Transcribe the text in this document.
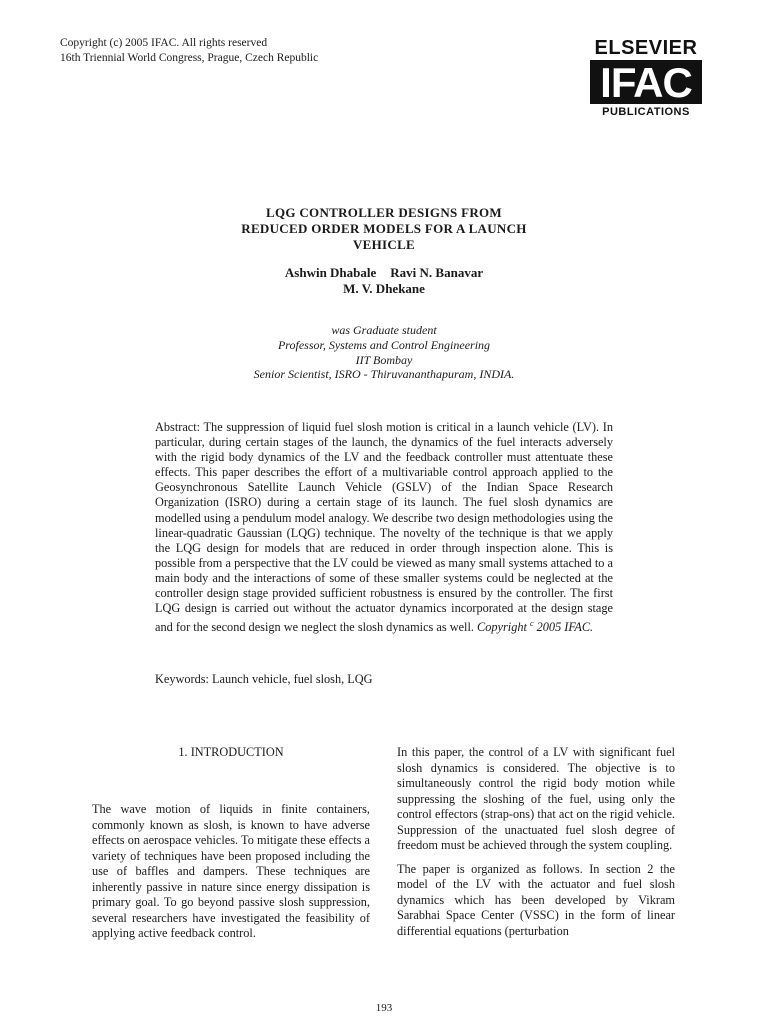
Copyright (c) 2005 IFAC. All rights reserved
16th Triennial World Congress, Prague, Czech Republic	ELSEVIER
IFAC
PUBLICATIONS
LQG CONTROLLER DESIGNS FROM
REDUCED ORDER MODELS FOR A LAUNCH
VEHICLE
Ashwin Dhabale Ravi N. Banavar
M. V. Dhekane
was Graduate student
Professor, Systems and Control Engineering
IIT Bombay
Senior Scientist, ISRO - Thiruvananthapuram, INDIA.
Abstract: The suppression of liquid fuel slosh motion is critical in a launch vehicle (LV). In particular, during certain stages of the launch, the dynamics of the fuel interacts adversely with the rigid body dynamics of the LV and the feedback controller must attentuate these effects. This paper describes the effort of a multivariable control approach applied to the Geosynchronous Satellite Launch Vehicle (GSLV) of the Indian Space Research Organization (ISRO) during a certain stage of its launch. The fuel slosh dynamics are modelled using a pendulum model analogy. We describe two design methodologies using the linear-quadratic Gaussian (LQG) technique. The novelty of the technique is that we apply the LQG design for models that are reduced in order through inspection alone. This is possible from a perspective that the LV could be viewed as many small systems attached to a main body and the interactions of some of these smaller systems could be neglected at the controller design stage provided sufficient robustness is ensured by the controller. The first LQG design is carried out without the actuator dynamics incorporated at the design stage and for the second design we neglect the slosh dynamics as well. Copyright $^c$ 2005 IFAC.
Keywords: Launch vehicle, fuel slosh, LQG
1. INTRODUCTION

The wave motion of liquids in finite containers, commonly known as slosh, is known to have adverse effects on aerospace vehicles. To mitigate these effects a variety of techniques have been proposed including the use of baffles and dampers. These techniques are inherently passive in nature since energy dissipation is primary goal. To go beyond passive slosh suppression, several researchers have investigated the feasibility of applying active feedback control.

In this paper, the control of a LV with significant fuel slosh dynamics is considered. The objective is to simultaneously control the rigid body motion while suppressing the sloshing of the fuel, using only the control effectors (strap-ons) that act on the rigid vehicle. Suppression of the unactuated fuel slosh degree of freedom must be achieved through the system coupling.

The paper is organized as follows. In section 2 the model of the LV with the actuator and fuel slosh dynamics which has been developed by Vikram Sarabhai Space Center (VSSC) in the form of linear differential equations (perturbation

193
